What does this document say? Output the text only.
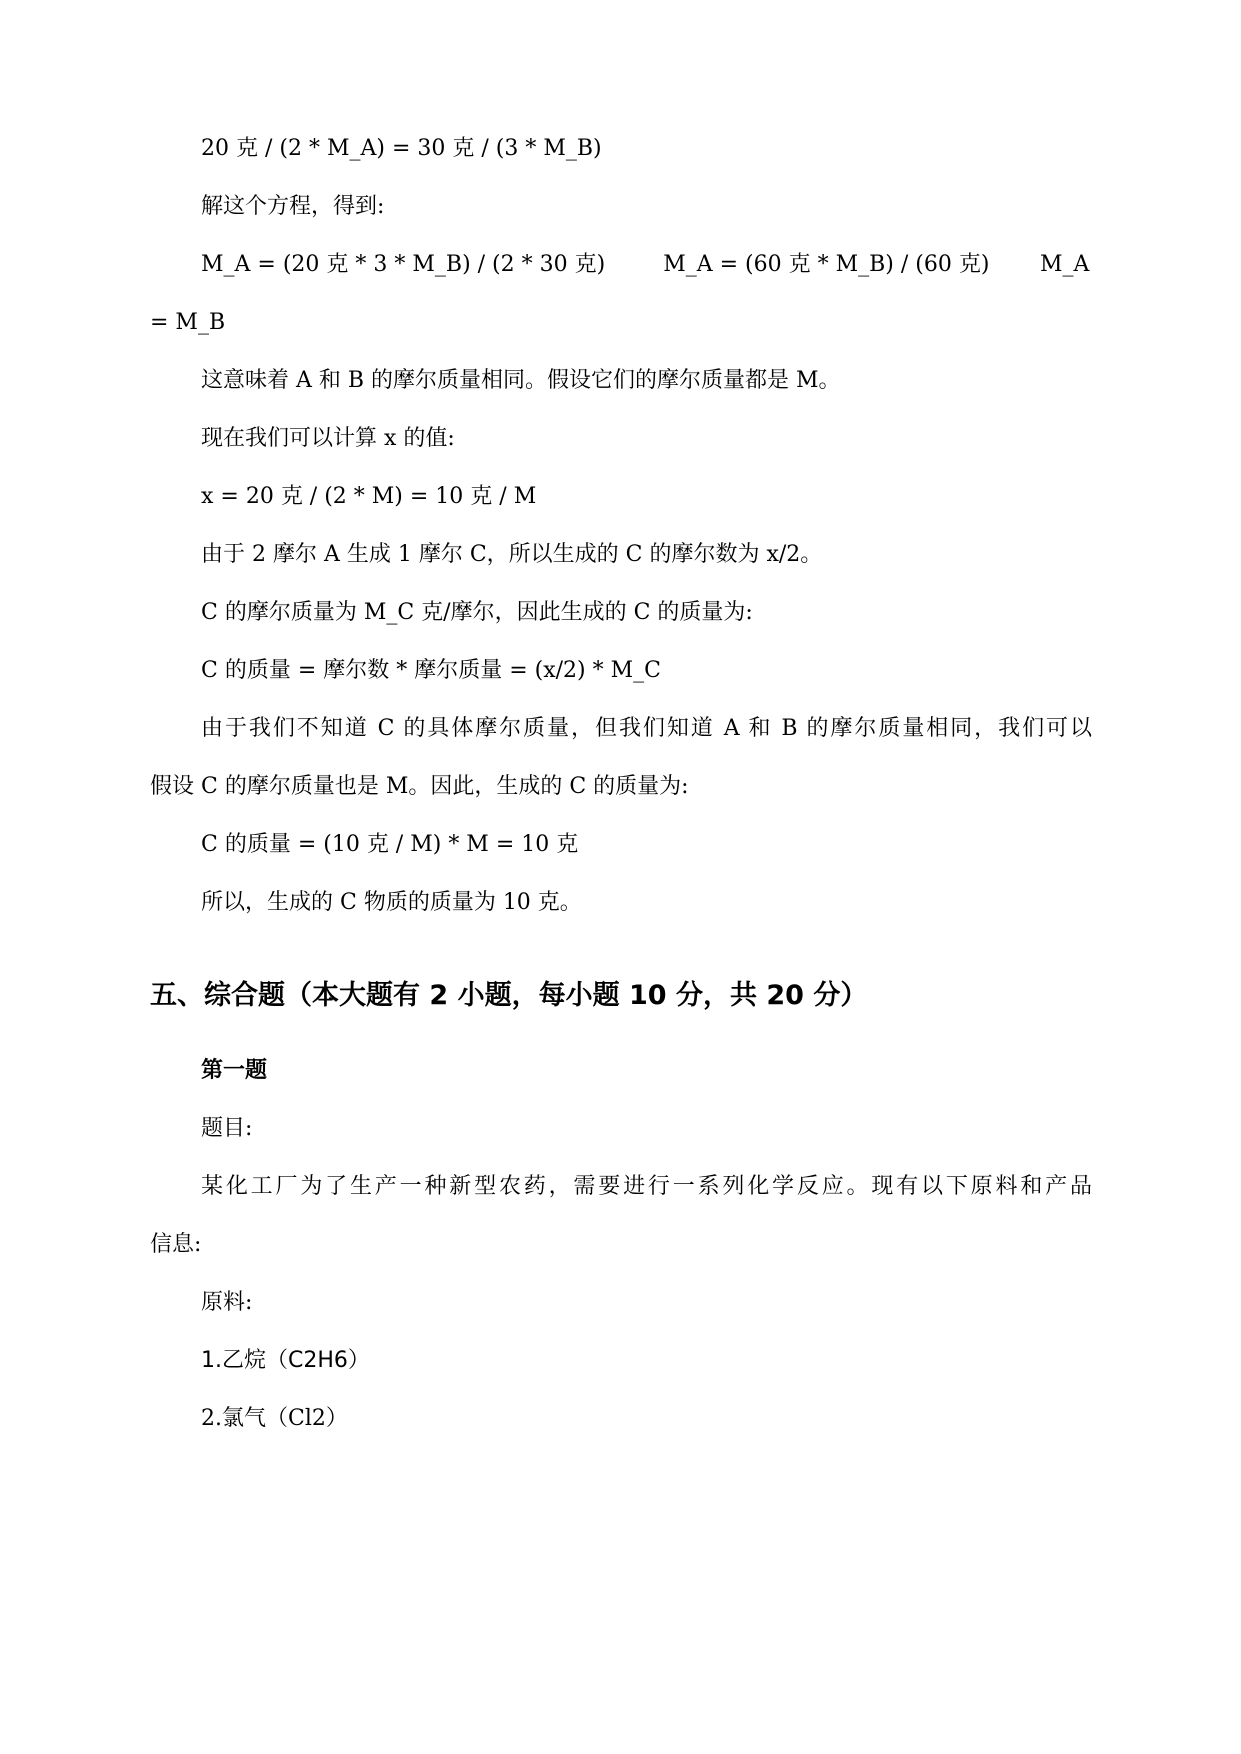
20 克 / (2 * M_A) = 30 克 / (3 * M_B)

解这个方程，得到:

M_A = (20 克 * 3 * M_B) / (2 * 30 克)	M_A = (60 克 * M_B) / (60 克) M_A

= M_B

这意味着 A 和 B 的摩尔质量相同。假设它们的摩尔质量都是 M。

现在我们可以计算 x 的值:

x = 20 克 / (2 * M) = 10 克 / M

由于 2 摩尔 A 生成 1 摩尔 C，所以生成的 C 的摩尔数为 x/2。

C 的摩尔质量为 M_C 克/摩尔，因此生成的 C 的质量为:

C 的质量 = 摩尔数 * 摩尔质量 = (x/2) * M_C

由于我们不知道 C 的具体摩尔质量，但我们知道 A 和 B 的摩尔质量相同，我们可以

假设 C 的摩尔质量也是 M。因此，生成的 C 的质量为:

C 的质量 = (10 克 / M) * M = 10 克

所以，生成的 C 物质的质量为 10 克。

五、综合题（本大题有 2 小题，每小题 10 分，共 20 分）

第一题

题目:

某化工厂为了生产一种新型农药，需要进行一系列化学反应。现有以下原料和产品

信息:

原料:

1.乙烷（C2H6）

2.氯气（Cl2）
